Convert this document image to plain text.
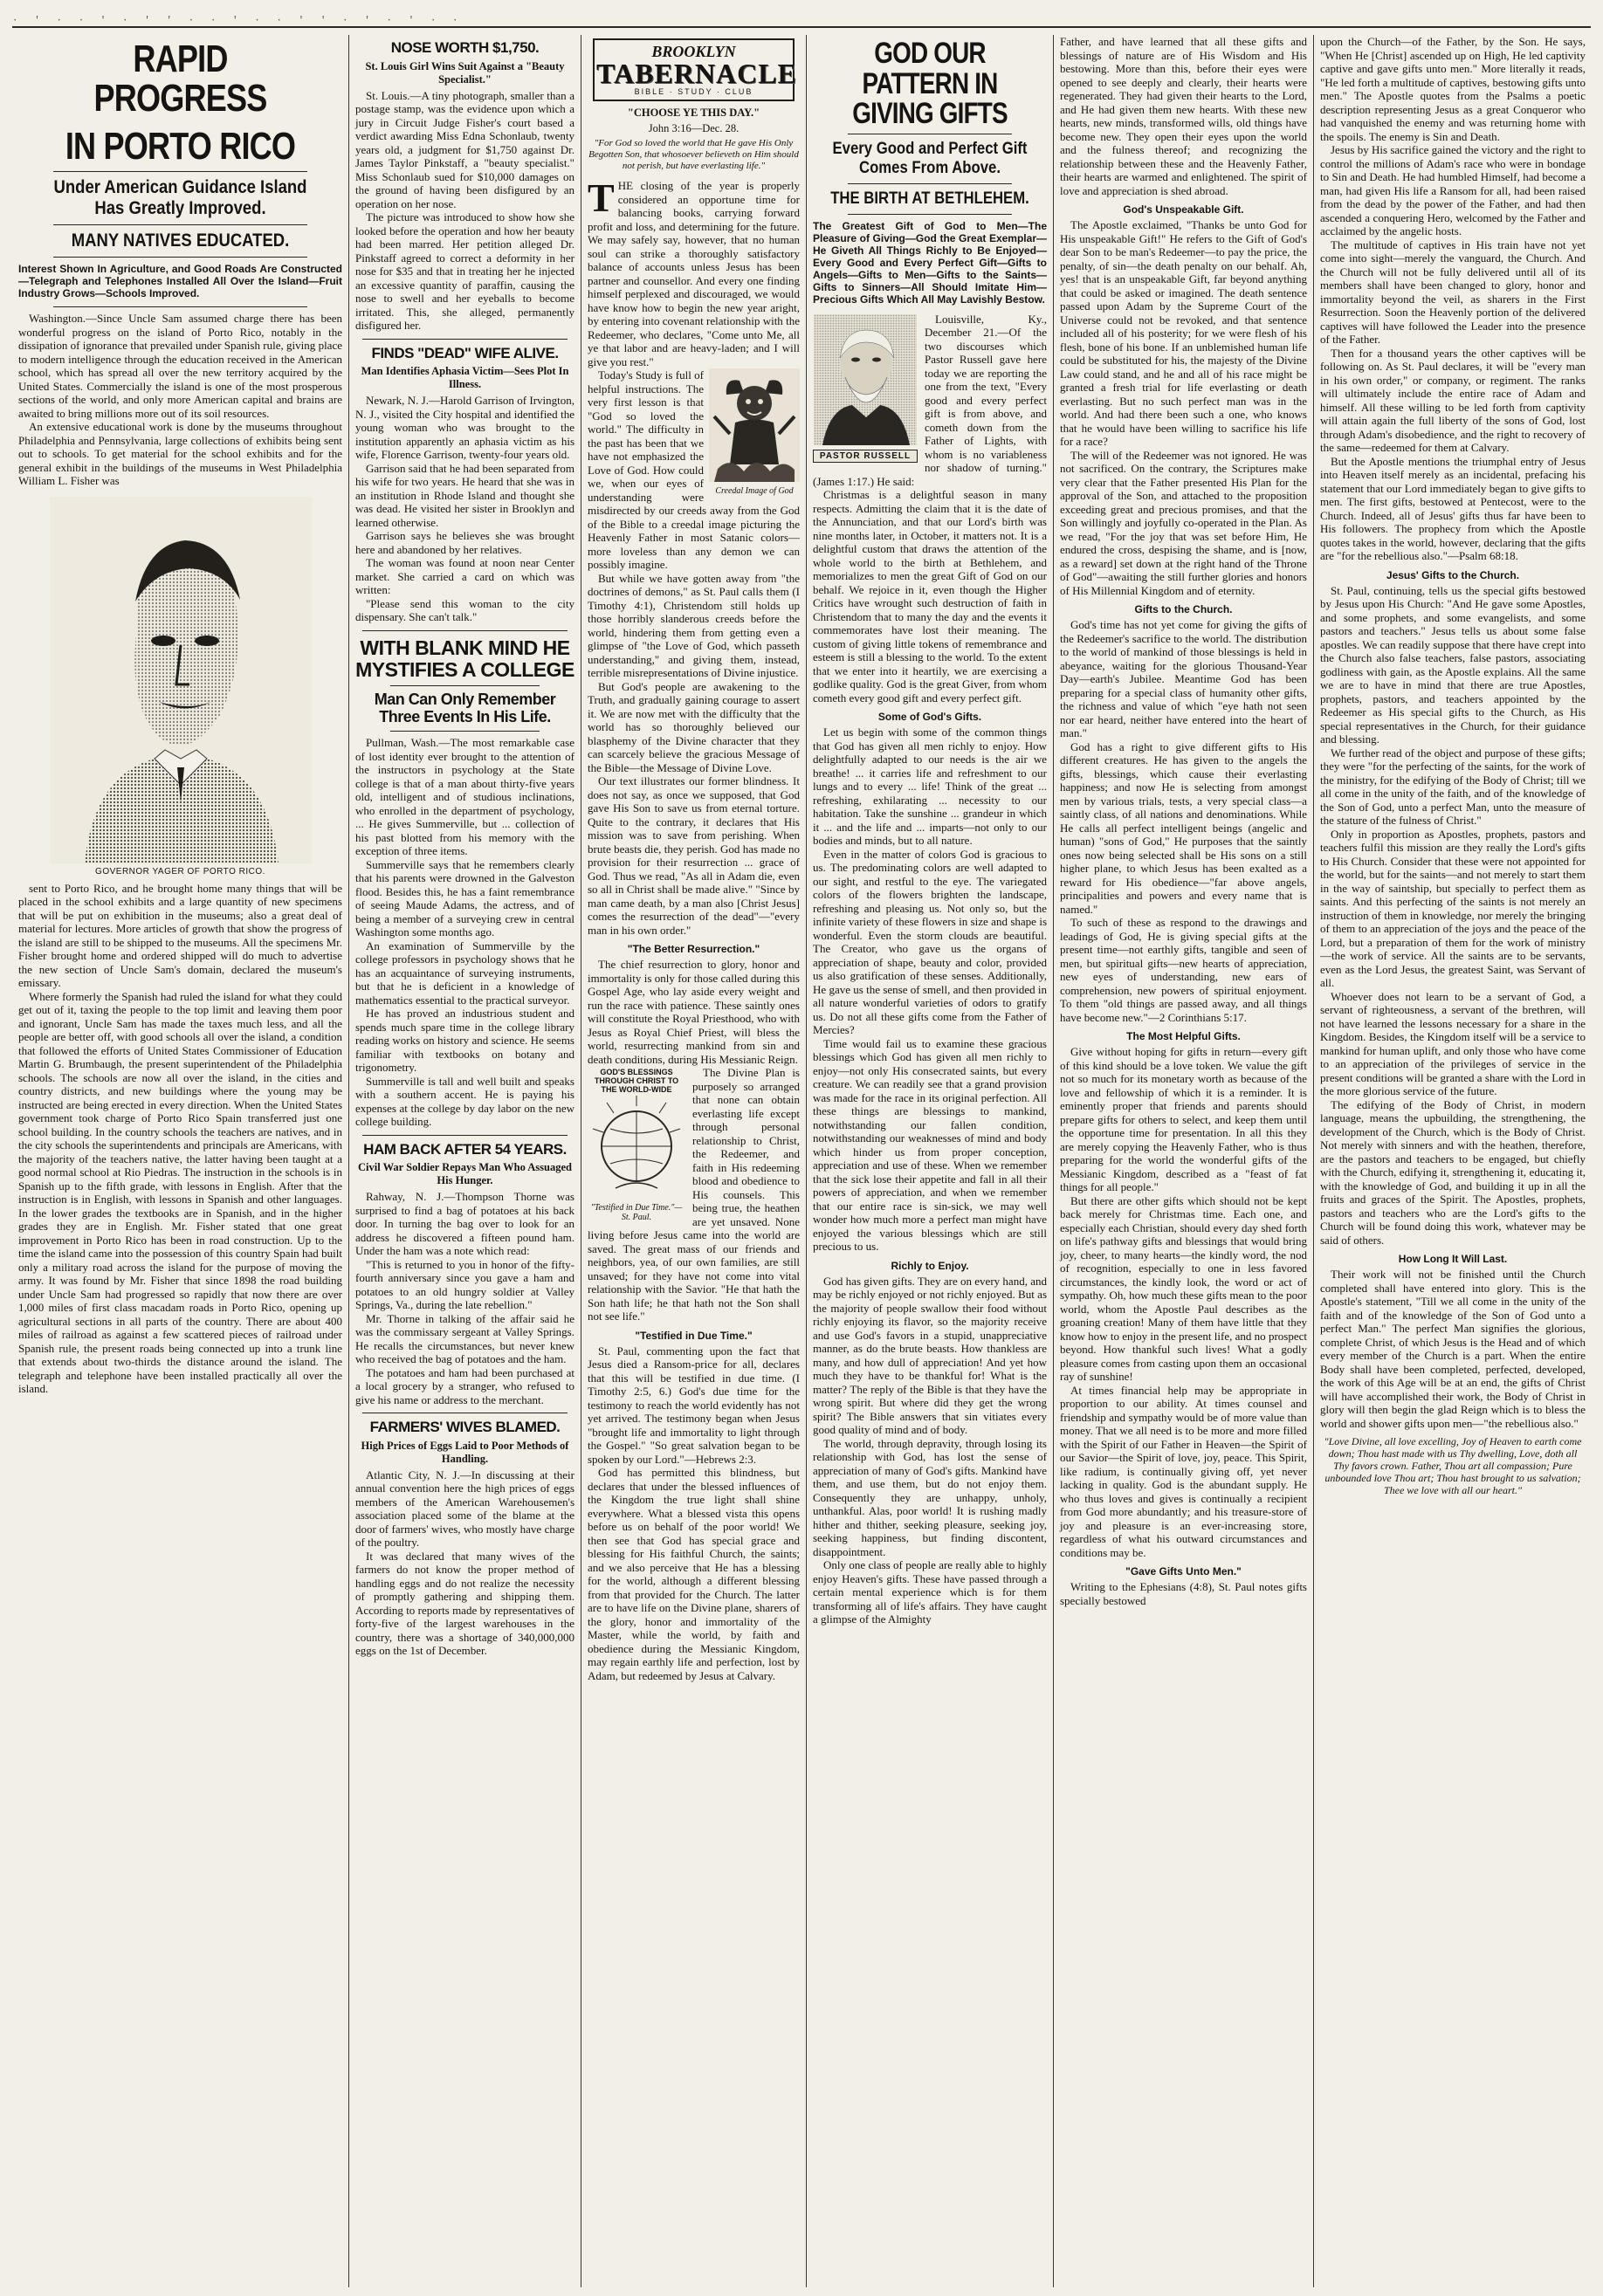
· ' · · ' · ' ' · · ' · · ' ' · ' · ' · ·
RAPID PROGRESS
IN PORTO RICO
Under American Guidance Island Has Greatly Improved.
MANY NATIVES EDUCATED.
Interest Shown In Agriculture, and Good Roads Are Constructed—Telegraph and Telephones Installed All Over the Island—Fruit Industry Grows—Schools Improved.

Washington.—Since Uncle Sam assumed charge there has been wonderful progress on the island of Porto Rico, notably in the dissipation of ignorance that prevailed under Spanish rule, giving place to modern intelligence through the education received in the American school, which has spread all over the new territory acquired by the United States. Commercially the island is one of the most prosperous sections of the world, and only more American capital and brains are awaited to bring millions more out of its soil resources.

An extensive educational work is done by the museums throughout Philadelphia and Pennsylvania, large collections of exhibits being sent out to schools. To get material for the school exhibits and for the general exhibit in the buildings of the museums in West Philadelphia William L. Fisher was

GOVERNOR YAGER OF PORTO RICO.

sent to Porto Rico, and he brought home many things that will be placed in the school exhibits and a large quantity of new specimens that will be put on exhibition in the museums; also a great deal of material for lectures. More articles of growth that show the progress of the island are still to be shipped to the museums. All the specimens Mr. Fisher brought home and ordered shipped will do much to advertise the new section of Uncle Sam's domain, declared the museum's emissary.

Where formerly the Spanish had ruled the island for what they could get out of it, taxing the people to the top limit and leaving them poor and ignorant, Uncle Sam has made the taxes much less, and all the people are better off, with good schools all over the island, a condition that followed the efforts of United States Commissioner of Education Martin G. Brumbaugh, the present superintendent of the Philadelphia schools. The schools are now all over the island, in the cities and country districts, and new buildings where the young may be instructed are being erected in every direction. When the United States government took charge of Porto Rico Spain transferred just one school building. In the country schools the teachers are natives, and in the city schools the superintendents and principals are Americans, with the majority of the teachers native, the latter having been taught at a good normal school at Rio Piedras. The instruction in the schools is in Spanish up to the fifth grade, with lessons in English. After that the instruction is in English, with lessons in Spanish and other languages. In the lower grades the textbooks are in Spanish, and in the higher grades they are in English. Mr. Fisher stated that one great improvement in Porto Rico has been in road construction. Up to the time the island came into the possession of this country Spain had built only a military road across the island for the purpose of moving the army. It was found by Mr. Fisher that since 1898 the road building under Uncle Sam had progressed so rapidly that now there are over 1,000 miles of first class macadam roads in Porto Rico, opening up agricultural sections in all parts of the country. There are about 400 miles of railroad as against a few scattered pieces of railroad under Spanish rule, the present roads being connected up into a trunk line that extends about two-thirds the distance around the island. The telegraph and telephone have been installed practically all over the island.

NOSE WORTH $1,750.
St. Louis Girl Wins Suit Against a "Beauty Specialist."

St. Louis.—A tiny photograph, smaller than a postage stamp, was the evidence upon which a jury in Circuit Judge Fisher's court based a verdict awarding Miss Edna Schonlaub, twenty years old, a judgment for $1,750 against Dr. James Taylor Pinkstaff, a "beauty specialist." Miss Schonlaub sued for $10,000 damages on the ground of having been disfigured by an operation on her nose.

The picture was introduced to show how she looked before the operation and how her beauty had been marred. Her petition alleged Dr. Pinkstaff agreed to correct a deformity in her nose for $35 and that in treating her he injected an excessive quantity of paraffin, causing the nose to swell and her eyeballs to become irritated. This, she alleged, permanently disfigured her.

FINDS "DEAD" WIFE ALIVE.
Man Identifies Aphasia Victim—Sees Plot In Illness.

Newark, N. J.—Harold Garrison of Irvington, N. J., visited the City hospital and identified the young woman who was brought to the institution apparently an aphasia victim as his wife, Florence Garrison, twenty-four years old.

Garrison said that he had been separated from his wife for two years. He heard that she was in an institution in Rhode Island and thought she was dead. He visited her sister in Brooklyn and learned otherwise.

Garrison says he believes she was brought here and abandoned by her relatives.

The woman was found at noon near Center market. She carried a card on which was written:

"Please send this woman to the city dispensary. She can't talk."

WITH BLANK MIND HE MYSTIFIES A COLLEGE
Man Can Only Remember Three Events In His Life.

Pullman, Wash.—The most remarkable case of lost identity ever brought to the attention of the instructors in psychology at the State college is that of a man about thirty-five years old, intelligent and of studious inclinations, who enrolled in the department of psychology, ... He gives Summerville, but ... collection of his past blotted from his memory with the exception of three items.

Summerville says that he remembers clearly that his parents were drowned in the Galveston flood. Besides this, he has a faint remembrance of seeing Maude Adams, the actress, and of being a member of a surveying crew in central Washington some months ago.

An examination of Summerville by the college professors in psychology shows that he has an acquaintance of surveying instruments, but that he is deficient in a knowledge of mathematics essential to the practical surveyor.

He has proved an industrious student and spends much spare time in the college library reading works on history and science. He seems familiar with textbooks on botany and trigonometry.

Summerville is tall and well built and speaks with a southern accent. He is paying his expenses at the college by day labor on the new college building.

HAM BACK AFTER 54 YEARS.
Civil War Soldier Repays Man Who Assuaged His Hunger.

Rahway, N. J.—Thompson Thorne was surprised to find a bag of potatoes at his back door. In turning the bag over to look for an address he discovered a fifteen pound ham. Under the ham was a note which read:

"This is returned to you in honor of the fifty-fourth anniversary since you gave a ham and potatoes to an old hungry soldier at Valley Springs, Va., during the late rebellion."

Mr. Thorne in talking of the affair said he was the commissary sergeant at Valley Springs. He recalls the circumstances, but never knew who received the bag of potatoes and the ham.

The potatoes and ham had been purchased at a local grocery by a stranger, who refused to give his name or address to the merchant.

FARMERS' WIVES BLAMED.
High Prices of Eggs Laid to Poor Methods of Handling.

Atlantic City, N. J.—In discussing at their annual convention here the high prices of eggs members of the American Warehousemen's association placed some of the blame at the door of farmers' wives, who mostly have charge of the poultry.

It was declared that many wives of the farmers do not know the proper method of handling eggs and do not realize the necessity of promptly gathering and shipping them. According to reports made by representatives of forty-five of the largest warehouses in the country, there was a shortage of 340,000,000 eggs on the 1st of December.

BROOKLYN
TABERNACLE
BIBLE · STUDY · CLUB
"CHOOSE YE THIS DAY."
John 3:16—Dec. 28.
"For God so loved the world that He gave His Only Begotten Son, that whosoever believeth on Him should not perish, but have everlasting life."

THE closing of the year is properly considered an opportune time for balancing books, carrying forward profit and loss, and determining for the future. We may safely say, however, that no human soul can strike a thoroughly satisfactory balance of accounts unless Jesus has been partner and counsellor. And every one finding himself perplexed and discouraged, we would have know how to begin the new year aright, by entering into covenant relationship with the Redeemer, who declares, "Come unto Me, all ye that labor and are heavy-laden; and I will give you rest."

Creedal Image of God

Today's Study is full of helpful instructions. The very first lesson is that "God so loved the world." The difficulty in the past has been that we have not emphasized the Love of God. How could we, when our eyes of understanding were misdirected by our creeds away from the God of the Bible to a creedal image picturing the Heavenly Father in most Satanic colors—more loveless than any demon we can possibly imagine.

But while we have gotten away from "the doctrines of demons," as St. Paul calls them (I Timothy 4:1), Christendom still holds up those horribly slanderous creeds before the world, hindering them from getting even a glimpse of "the Love of God, which passeth understanding," and giving them, instead, terrible misrepresentations of Divine injustice.

But God's people are awakening to the Truth, and gradually gaining courage to assert it. We are now met with the difficulty that the world has so thoroughly believed our blasphemy of the Divine character that they can scarcely believe the gracious Message of the Bible—the Message of Divine Love.

Our text illustrates our former blindness. It does not say, as once we supposed, that God gave His Son to save us from eternal torture. Quite to the contrary, it declares that His mission was to save from perishing. When brute beasts die, they perish. God has made no provision for their resurrection ... grace of God. Thus we read, "As all in Adam die, even so all in Christ shall be made alive." "Since by man came death, by a man also [Christ Jesus] comes the resurrection of the dead"—"every man in his own order."

"The Better Resurrection."

The chief resurrection to glory, honor and immortality is only for those called during this Gospel Age, who lay aside every weight and run the race with patience. These saintly ones will constitute the Royal Priesthood, who with Jesus as Royal Chief Priest, will bless the world, resurrecting mankind from sin and death conditions, during His Messianic Reign.

GOD'S BLESSINGS THROUGH CHRIST TO THE WORLD-WIDE
"Testified in Due Time."—St. Paul.

The Divine Plan is purposely so arranged that none can obtain everlasting life except through personal relationship to Christ, the Redeemer, and faith in His redeeming blood and obedience to His counsels. This being true, the heathen are yet unsaved. None living before Jesus came into the world are saved. The great mass of our friends and neighbors, yea, of our own families, are still unsaved; for they have not come into vital relationship with the Savior. "He that hath the Son hath life; he that hath not the Son shall not see life."

"Testified in Due Time."

St. Paul, commenting upon the fact that Jesus died a Ransom-price for all, declares that this will be testified in due time. (I Timothy 2:5, 6.) God's due time for the testimony to reach the world evidently has not yet arrived. The testimony began when Jesus "brought life and immortality to light through the Gospel." "So great salvation began to be spoken by our Lord."—Hebrews 2:3.

God has permitted this blindness, but declares that under the blessed influences of the Kingdom the true light shall shine everywhere. What a blessed vista this opens before us on behalf of the poor world! We then see that God has special grace and blessing for His faithful Church, the saints; and we also perceive that He has a blessing for the world, although a different blessing from that provided for the Church. The latter are to have life on the Divine plane, sharers of the glory, honor and immortality of the Master, while the world, by faith and obedience during the Messianic Kingdom, may regain earthly life and perfection, lost by Adam, but redeemed by Jesus at Calvary.

GOD OUR PATTERN IN GIVING GIFTS
Every Good and Perfect Gift Comes From Above.
THE BIRTH AT BETHLEHEM.
The Greatest Gift of God to Men—The Pleasure of Giving—God the Great Exemplar—He Giveth All Things Richly to Be Enjoyed—Every Good and Every Perfect Gift—Gifts to Angels—Gifts to Men—Gifts to the Saints—Gifts to Sinners—All Should Imitate Him—Precious Gifts Which All May Lavishly Bestow.
PASTOR RUSSELL

Louisville, Ky., December 21.—Of the two discourses which Pastor Russell gave here today we are reporting the one from the text, "Every good and every perfect gift is from above, and cometh down from the Father of Lights, with whom is no variableness nor shadow of turning." (James 1:17.) He said:

Christmas is a delightful season in many respects. Admitting the claim that it is the date of the Annunciation, and that our Lord's birth was nine months later, in October, it matters not. It is a delightful custom that draws the attention of the whole world to the birth at Bethlehem, and memorializes to men the great Gift of God on our behalf. We rejoice in it, even though the Higher Critics have wrought such destruction of faith in Christendom that to many the day and the events it commemorates have lost their meaning. The custom of giving little tokens of remembrance and esteem is still a blessing to the world. To the extent that we enter into it heartily, we are exercising a godlike quality. God is the great Giver, from whom cometh every good gift and every perfect gift.

Some of God's Gifts.

Let us begin with some of the common things that God has given all men richly to enjoy. How delightfully adapted to our needs is the air we breathe! ... it carries life and refreshment to our lungs and to every ... life! Think of the great ... refreshing, exhilarating ... necessity to our habitation. Take the sunshine ... grandeur in which it ... and the life and ... imparts—not only to our bodies and minds, but to all nature.

Even in the matter of colors God is gracious to us. The predominating colors are well adapted to our sight, and restful to the eye. The variegated colors of the flowers brighten the landscape, refreshing and pleasing us. Not only so, but the infinite variety of these flowers in size and shape is wonderful. Even the storm clouds are beautiful. The Creator, who gave us the organs of appreciation of shape, beauty and color, provided us also gratification of these senses. Additionally, He gave us the sense of smell, and then provided in all nature wonderful varieties of odors to gratify us. Do not all these gifts come from the Father of Mercies?

Time would fail us to examine these gracious blessings which God has given all men richly to enjoy—not only His consecrated saints, but every creature. We can readily see that a grand provision was made for the race in its original perfection. All these things are blessings to mankind, notwithstanding our fallen condition, notwithstanding our weaknesses of mind and body which hinder us from proper conception, appreciation and use of these. When we remember that the sick lose their appetite and fall in all their powers of appreciation, and when we remember that our entire race is sin-sick, we may well wonder how much more a perfect man might have enjoyed the various blessings which are still precious to us.

Richly to Enjoy.

God has given gifts. They are on every hand, and may be richly enjoyed or not richly enjoyed. But as the majority of people swallow their food without richly enjoying its flavor, so the majority receive and use God's favors in a stupid, unappreciative manner, as do the brute beasts. How thankless are many, and how dull of appreciation! And yet how much they have to be thankful for! What is the matter? The reply of the Bible is that they have the wrong spirit. But where did they get the wrong spirit? The Bible answers that sin vitiates every good quality of mind and of body.

The world, through depravity, through losing its relationship with God, has lost the sense of appreciation of many of God's gifts. Mankind have them, and use them, but do not enjoy them. Consequently they are unhappy, unholy, unthankful. Alas, poor world! It is rushing madly hither and thither, seeking pleasure, seeking joy, seeking happiness, but finding discontent, disappointment.

Only one class of people are really able to highly enjoy Heaven's gifts. These have passed through a certain mental experience which is for them transforming all of life's affairs. They have caught a glimpse of the Almighty

Father, and have learned that all these gifts and blessings of nature are of His Wisdom and His bestowing. More than this, before their eyes were opened to see deeply and clearly, their hearts were regenerated. They had given their hearts to the Lord, and He had given them new hearts. With these new hearts, new minds, transformed wills, old things have become new. They open their eyes upon the world and the fulness thereof; and recognizing the relationship between these and the Heavenly Father, their hearts are warmed and enlightened. The spirit of love and appreciation is shed abroad.

God's Unspeakable Gift.

The Apostle exclaimed, "Thanks be unto God for His unspeakable Gift!" He refers to the Gift of God's dear Son to be man's Redeemer—to pay the price, the penalty, of sin—the death penalty on our behalf. Ah, yes! that is an unspeakable Gift, far beyond anything that could be asked or imagined. The death sentence passed upon Adam by the Supreme Court of the Universe could not be revoked, and that sentence included all of his posterity; for we were flesh of his flesh, bone of his bone. If an unblemished human life could be substituted for his, the majesty of the Divine Law could stand, and he and all of his race might be granted a fresh trial for life everlasting or death everlasting. But no such perfect man was in the world. And had there been such a one, who knows that he would have been willing to sacrifice his life for a race?

The will of the Redeemer was not ignored. He was not sacrificed. On the contrary, the Scriptures make very clear that the Father presented His Plan for the approval of the Son, and attached to the proposition exceeding great and precious promises, and that the Son willingly and joyfully co-operated in the Plan. As we read, "For the joy that was set before Him, He endured the cross, despising the shame, and is [now, as a reward] set down at the right hand of the Throne of God"—awaiting the still further glories and honors of His Millennial Kingdom and of eternity.

Gifts to the Church.

God's time has not yet come for giving the gifts of the Redeemer's sacrifice to the world. The distribution to the world of mankind of those blessings is held in abeyance, waiting for the glorious Thousand-Year Day—earth's Jubilee. Meantime God has been preparing for a special class of humanity other gifts, the richness and value of which "eye hath not seen nor ear heard, neither have entered into the heart of man."

God has a right to give different gifts to His different creatures. He has given to the angels the gifts, blessings, which cause their everlasting happiness; and now He is selecting from amongst men by various trials, tests, a very special class—a saintly class, of all nations and denominations. While He calls all perfect intelligent beings (angelic and human) "sons of God," He purposes that the saintly ones now being selected shall be His sons on a still higher plane, to which Jesus has been exalted as a reward for His obedience—"far above angels, principalities and powers and every name that is named."

To such of these as respond to the drawings and leadings of God, He is giving special gifts at the present time—not earthly gifts, tangible and seen of men, but spiritual gifts—new hearts of appreciation, new eyes of understanding, new ears of comprehension, new powers of spiritual enjoyment. To them "old things are passed away, and all things have become new."—2 Corinthians 5:17.

The Most Helpful Gifts.

Give without hoping for gifts in return—every gift of this kind should be a love token. We value the gift not so much for its monetary worth as because of the love and fellowship of which it is a reminder. It is eminently proper that friends and parents should prepare gifts for others to select, and keep them until the opportune time for presentation. In all this they are merely copying the Heavenly Father, who is thus preparing for the world the wonderful gifts of the Messianic Kingdom, described as a "feast of fat things for all people."

But there are other gifts which should not be kept back merely for Christmas time. Each one, and especially each Christian, should every day shed forth on life's pathway gifts and blessings that would bring joy, cheer, to many hearts—the kindly word, the nod of recognition, especially to one in less favored circumstances, the kindly look, the word or act of sympathy. Oh, how much these gifts mean to the poor world, whom the Apostle Paul describes as the groaning creation! Many of them have little that they know how to enjoy in the present life, and no prospect beyond. How thankful such lives! What a godly pleasure comes from casting upon them an occasional ray of sunshine!

At times financial help may be appropriate in proportion to our ability. At times counsel and friendship and sympathy would be of more value than money. That we all need is to be more and more filled with the Spirit of our Father in Heaven—the Spirit of our Savior—the Spirit of love, joy, peace. This Spirit, like radium, is continually giving off, yet never lacking in quality. God is the abundant supply. He who thus loves and gives is continually a recipient from God more abundantly; and his treasure-store of joy and pleasure is an ever-increasing store, regardless of what his outward circumstances and conditions may be.

"Gave Gifts Unto Men."

Writing to the Ephesians (4:8), St. Paul notes gifts specially bestowed

upon the Church—of the Father, by the Son. He says, "When He [Christ] ascended up on High, He led captivity captive and gave gifts unto men." More literally it reads, "He led forth a multitude of captives, bestowing gifts unto men." The Apostle quotes from the Psalms a poetic description representing Jesus as a great Conqueror who had vanquished the enemy and was returning home with the spoils. The enemy is Sin and Death.

Jesus by His sacrifice gained the victory and the right to control the millions of Adam's race who were in bondage to Sin and Death. He had humbled Himself, had become a man, had given His life a Ransom for all, had been raised from the dead by the power of the Father, and had then ascended a conquering Hero, welcomed by the Father and acclaimed by the angelic hosts.

The multitude of captives in His train have not yet come into sight—merely the vanguard, the Church. And the Church will not be fully delivered until all of its members shall have been changed to glory, honor and immortality beyond the veil, as sharers in the First Resurrection. Soon the Heavenly portion of the delivered captives will have followed the Leader into the presence of the Father.

Then for a thousand years the other captives will be following on. As St. Paul declares, it will be "every man in his own order," or company, or regiment. The ranks will ultimately include the entire race of Adam and himself. All these willing to be led forth from captivity will attain again the full liberty of the sons of God, lost through Adam's disobedience, and the right to recovery of the same—redeemed for them at Calvary.

But the Apostle mentions the triumphal entry of Jesus into Heaven itself merely as an incidental, prefacing his statement that our Lord immediately began to give gifts to men. The first gifts, bestowed at Pentecost, were to the Church. Indeed, all of Jesus' gifts thus far have been to His followers. The prophecy from which the Apostle quotes takes in the world, however, declaring that the gifts are "for the rebellious also."—Psalm 68:18.

Jesus' Gifts to the Church.

St. Paul, continuing, tells us the special gifts bestowed by Jesus upon His Church: "And He gave some Apostles, and some prophets, and some evangelists, and some pastors and teachers." Jesus tells us about some false apostles. We can readily suppose that there have crept into the Church also false teachers, false pastors, associating godliness with gain, as the Apostle explains. All the same we are to have in mind that there are true Apostles, prophets, pastors, and teachers appointed by the Redeemer as His special gifts to the Church, as His special representatives in the Church, for their guidance and blessing.

We further read of the object and purpose of these gifts; they were "for the perfecting of the saints, for the work of the ministry, for the edifying of the Body of Christ; till we all come in the unity of the faith, and of the knowledge of the Son of God, unto a perfect Man, unto the measure of the stature of the fulness of Christ."

Only in proportion as Apostles, prophets, pastors and teachers fulfil this mission are they really the Lord's gifts to His Church. Consider that these were not appointed for the world, but for the saints—and not merely to start them in the way of saintship, but specially to perfect them as saints. And this perfecting of the saints is not merely an instruction of them in knowledge, nor merely the bringing of them to an appreciation of the joys and the peace of the Lord, but a preparation of them for the work of ministry—the work of service. All the saints are to be servants, even as the Lord Jesus, the greatest Saint, was Servant of all.

Whoever does not learn to be a servant of God, a servant of righteousness, a servant of the brethren, will not have learned the lessons necessary for a share in the Kingdom. Besides, the Kingdom itself will be a service to mankind for human uplift, and only those who have come to an appreciation of the privileges of service in the present conditions will be granted a share with the Lord in the more glorious service of the future.

The edifying of the Body of Christ, in modern language, means the upbuilding, the strengthening, the development of the Church, which is the Body of Christ. Not merely with sinners and with the heathen, therefore, are the pastors and teachers to be engaged, but chiefly with the Church, edifying it, strengthening it, educating it, with the knowledge of God, and building it up in all the fruits and graces of the Spirit. The Apostles, prophets, pastors and teachers who are the Lord's gifts to the Church will be found doing this work, whatever may be said of others.

How Long It Will Last.

Their work will not be finished until the Church completed shall have entered into glory. This is the Apostle's statement, "Till we all come in the unity of the faith and of the knowledge of the Son of God unto a perfect Man." The perfect Man signifies the glorious, complete Christ, of which Jesus is the Head and of which every member of the Church is a part. When the entire Body shall have been completed, perfected, developed, the work of this Age will be at an end, the gifts of Christ will have accomplished their work, the Body of Christ in glory will then begin the glad Reign which is to bless the world and shower gifts upon men—"the rebellious also."

"Love Divine, all love excelling, Joy of Heaven to earth come down; Thou hast made with us Thy dwelling, Love, doth all Thy favors crown. Father, Thou art all compassion; Pure unbounded love Thou art; Thou hast brought to us salvation; Thee we love with all our heart."
